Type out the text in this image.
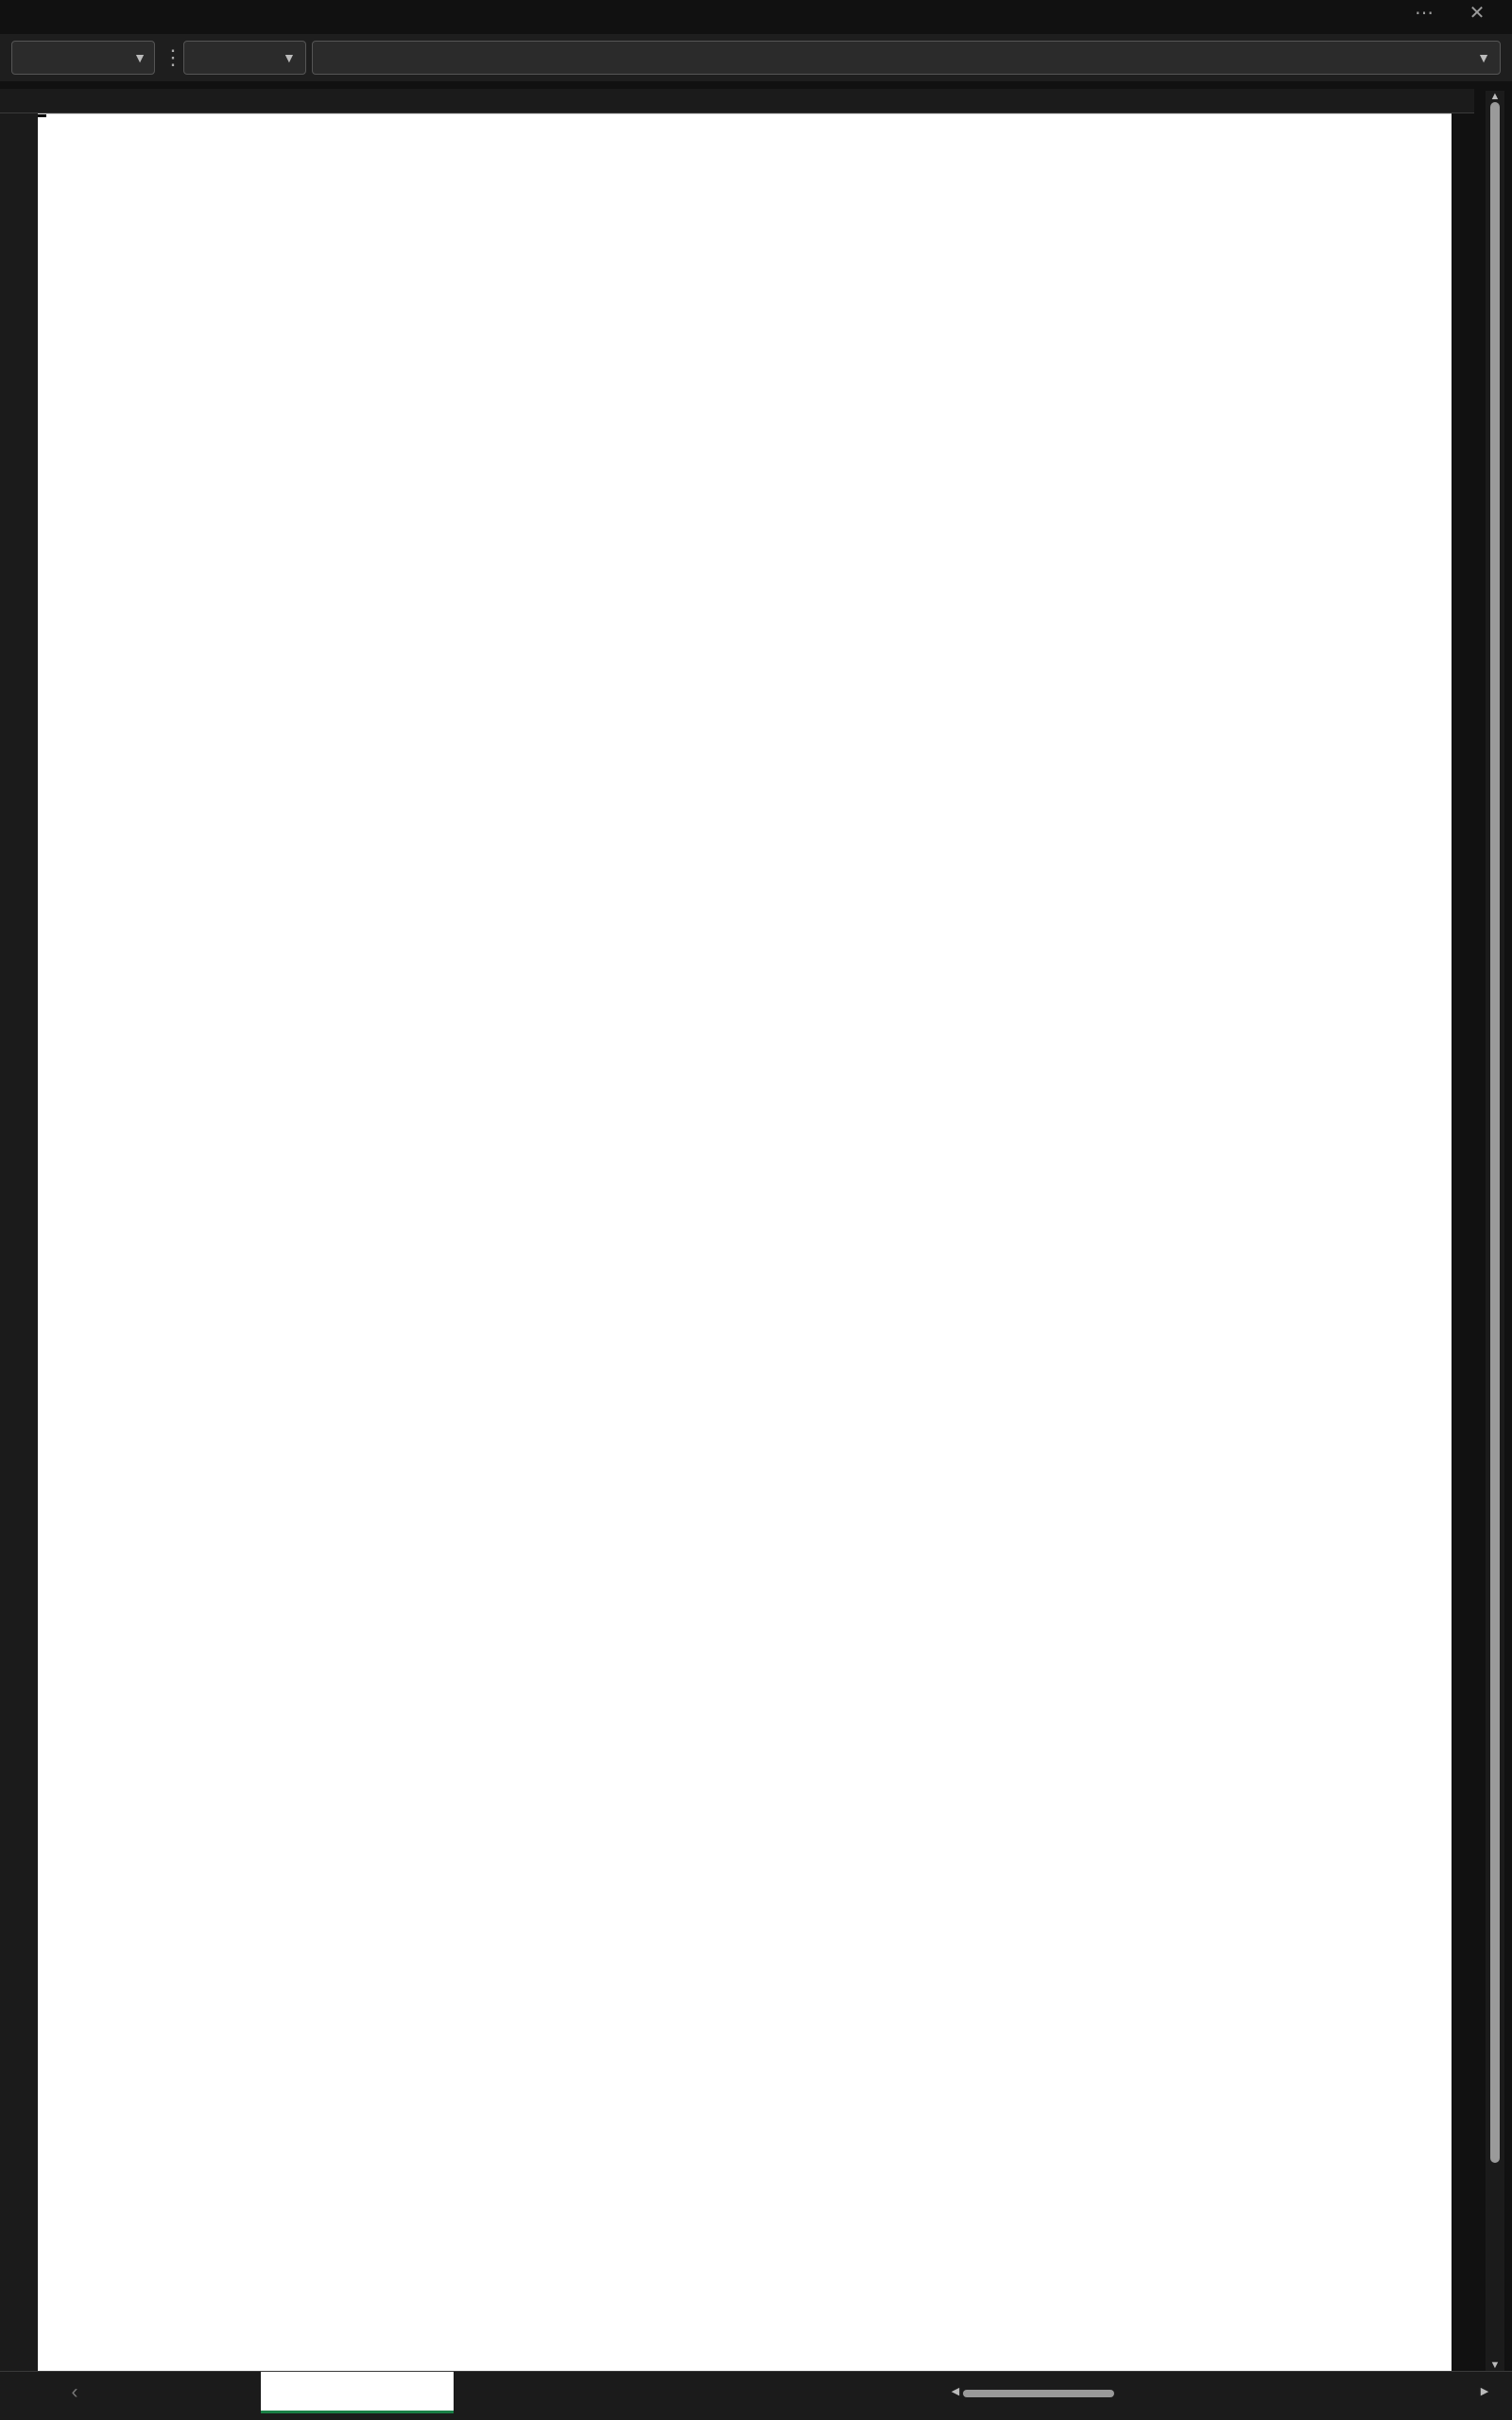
⋯	✕
▼ ⋮	▼	▼
▲
▼
‹	◀	▶
